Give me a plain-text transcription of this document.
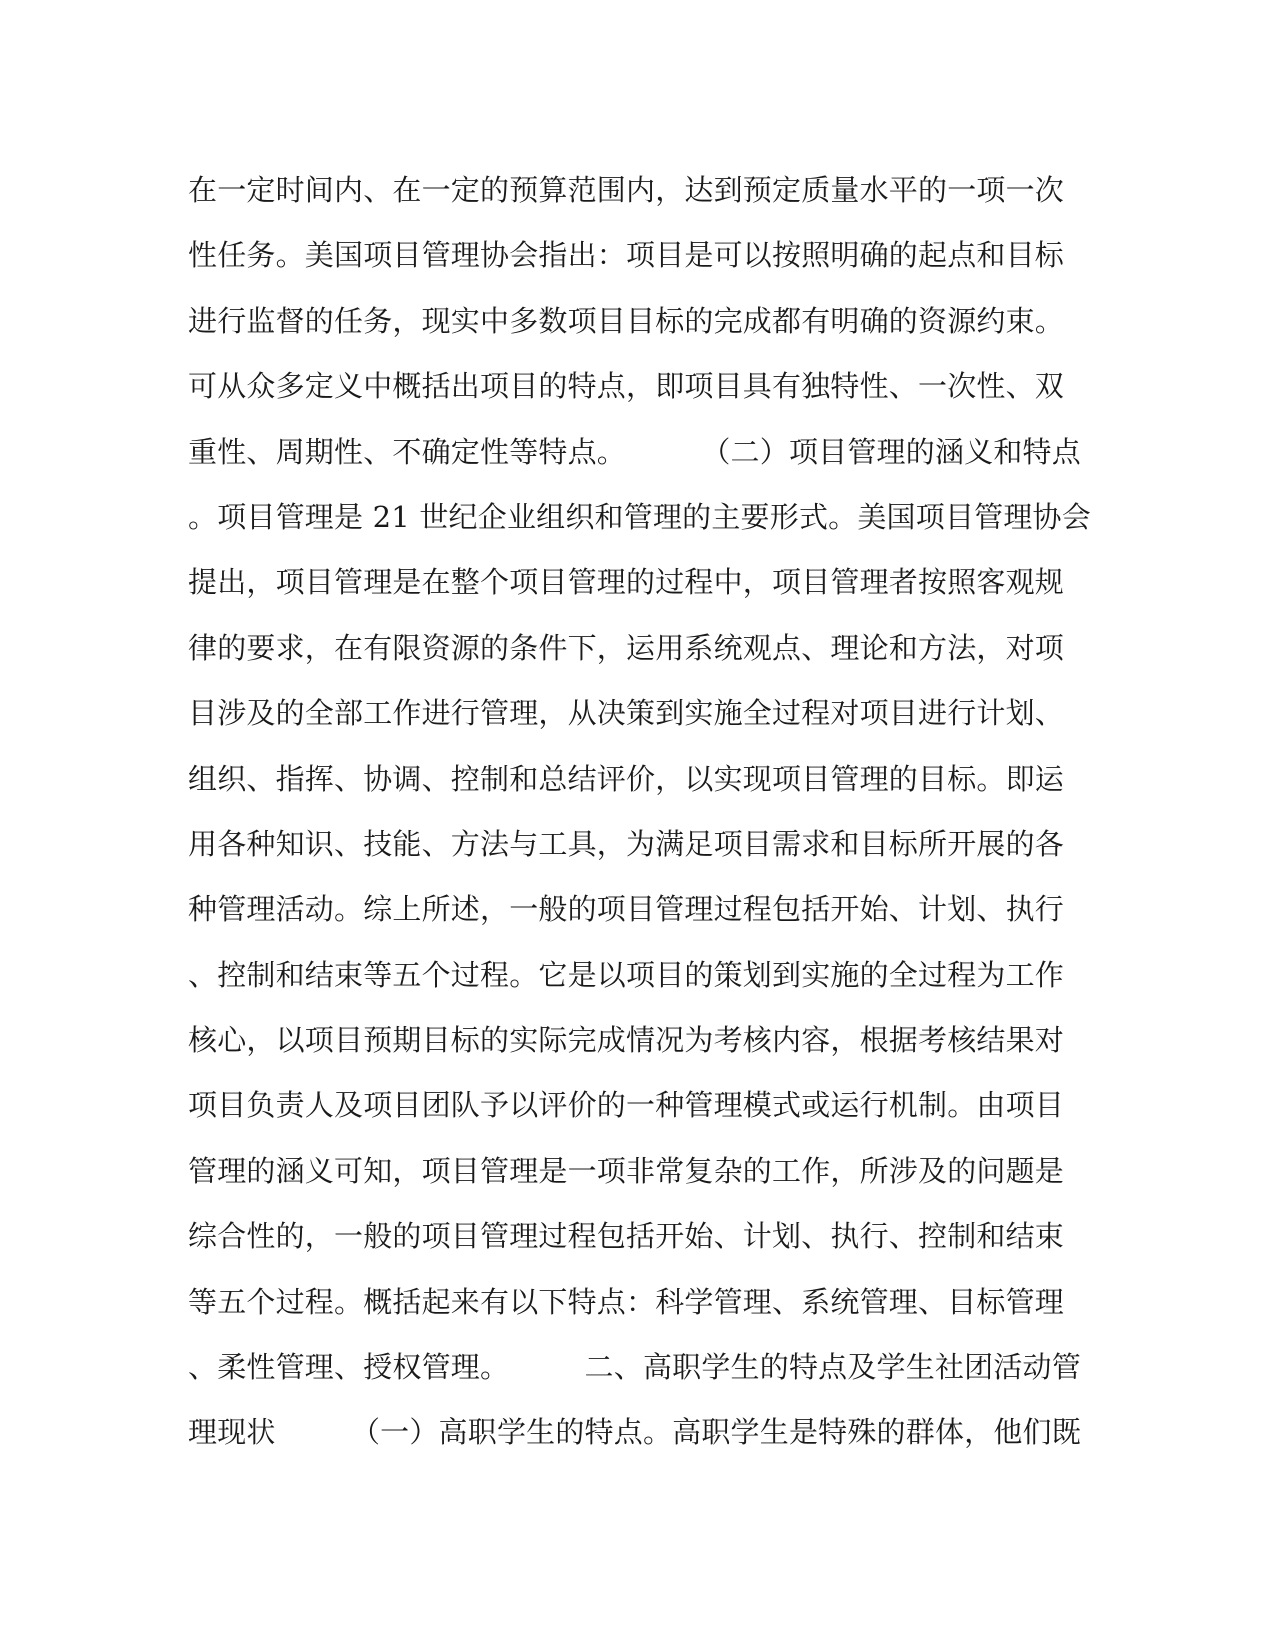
在一定时间内、在一定的预算范围内，达到预定质量水平的一项一次
性任务。美国项目管理协会指出：项目是可以按照明确的起点和目标
进行监督的任务，现实中多数项目目标的完成都有明确的资源约束。
可从众多定义中概括出项目的特点，即项目具有独特性、一次性、双
重性、周期性、不确定性等特点。        （二）项目管理的涵义和特点
。项目管理是 21 世纪企业组织和管理的主要形式。美国项目管理协会
提出，项目管理是在整个项目管理的过程中，项目管理者按照客观规
律的要求，在有限资源的条件下，运用系统观点、理论和方法，对项
目涉及的全部工作进行管理，从决策到实施全过程对项目进行计划、
组织、指挥、协调、控制和总结评价，以实现项目管理的目标。即运
用各种知识、技能、方法与工具，为满足项目需求和目标所开展的各
种管理活动。综上所述，一般的项目管理过程包括开始、计划、执行
、控制和结束等五个过程。它是以项目的策划到实施的全过程为工作
核心，以项目预期目标的实际完成情况为考核内容，根据考核结果对
项目负责人及项目团队予以评价的一种管理模式或运行机制。由项目
管理的涵义可知，项目管理是一项非常复杂的工作，所涉及的问题是
综合性的，一般的项目管理过程包括开始、计划、执行、控制和结束
等五个过程。概括起来有以下特点：科学管理、系统管理、目标管理
、柔性管理、授权管理。        二、高职学生的特点及学生社团活动管
理现状        （一）高职学生的特点。高职学生是特殊的群体，他们既
